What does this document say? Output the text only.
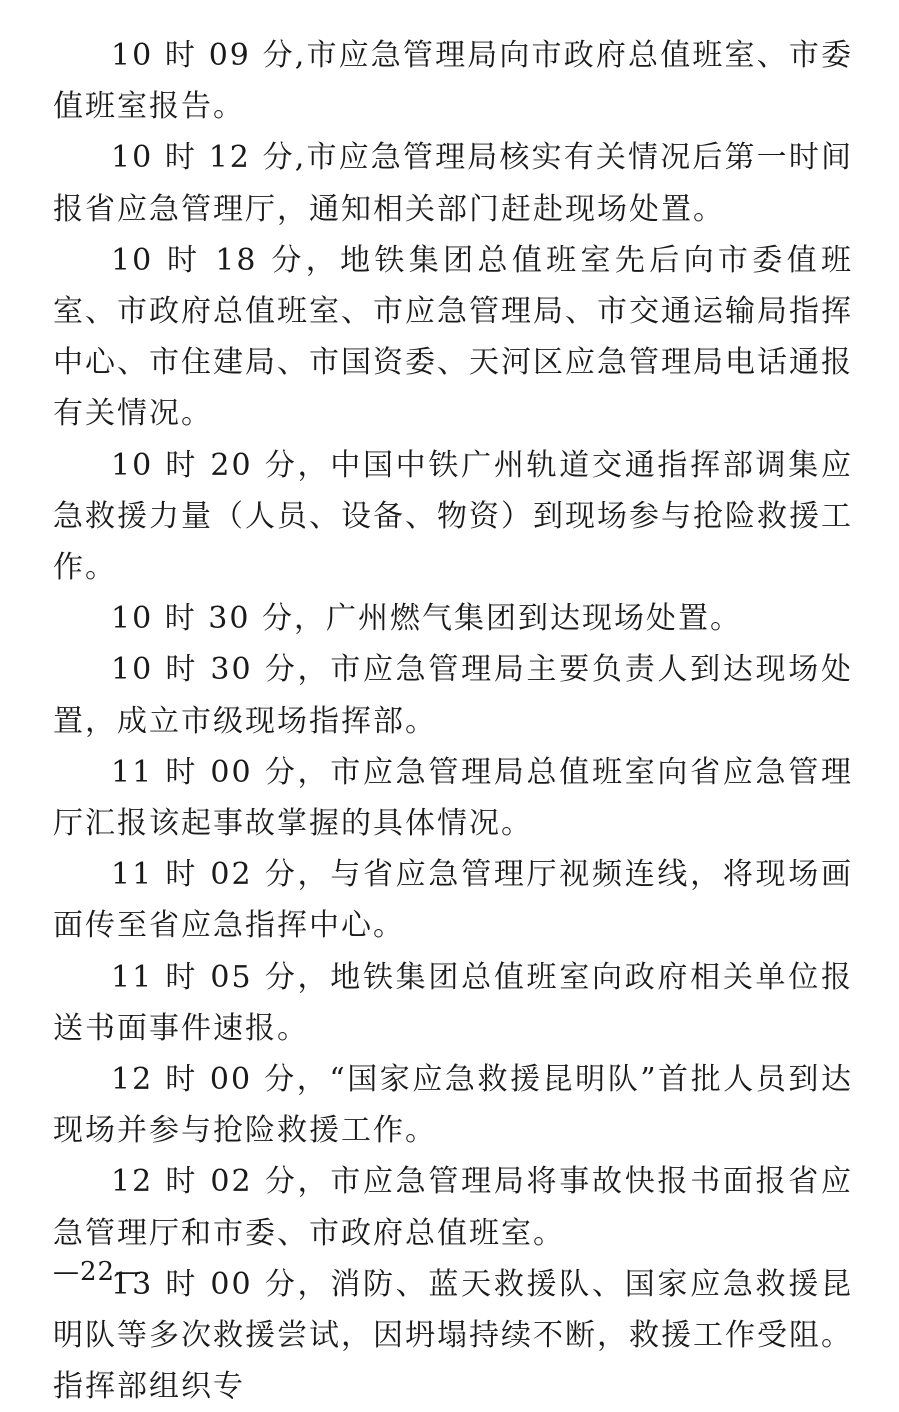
10 时 09 分,市应急管理局向市政府总值班室、市委值班室报告。

10 时 12 分,市应急管理局核实有关情况后第一时间报省应急管理厅，通知相关部门赶赴现场处置。

10 时 18 分，地铁集团总值班室先后向市委值班室、市政府总值班室、市应急管理局、市交通运输局指挥中心、市住建局、市国资委、天河区应急管理局电话通报有关情况。

10 时 20 分，中国中铁广州轨道交通指挥部调集应急救援力量（人员、设备、物资）到现场参与抢险救援工作。

10 时 30 分，广州燃气集团到达现场处置。

10 时 30 分，市应急管理局主要负责人到达现场处置，成立市级现场指挥部。

11 时 00 分，市应急管理局总值班室向省应急管理厅汇报该起事故掌握的具体情况。

11 时 02 分，与省应急管理厅视频连线，将现场画面传至省应急指挥中心。

11 时 05 分，地铁集团总值班室向政府相关单位报送书面事件速报。

12 时 00 分，“国家应急救援昆明队”首批人员到达现场并参与抢险救援工作。

12 时 02 分，市应急管理局将事故快报书面报省应急管理厅和市委、市政府总值班室。

13 时 00 分，消防、蓝天救援队、国家应急救援昆明队等多次救援尝试，因坍塌持续不断，救援工作受阻。指挥部组织专

—22—
